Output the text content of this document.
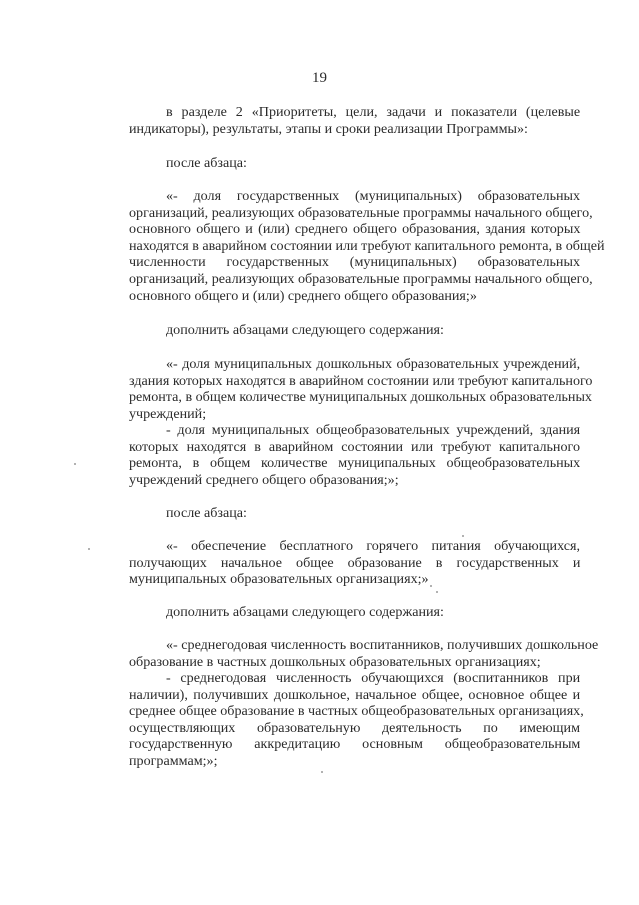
19
в разделе 2 «Приоритеты, цели, задачи и показатели (целевые
индикаторы), результаты, этапы и сроки реализации Программы»:
после абзаца:
«- доля государственных (муниципальных) образовательных
организаций, реализующих образовательные программы начального общего,
основного общего и (или) среднего общего образования, здания которых
находятся в аварийном состоянии или требуют капитального ремонта, в общей
численности государственных (муниципальных) образовательных
организаций, реализующих образовательные программы начального общего,
основного общего и (или) среднего общего образования;»
дополнить абзацами следующего содержания:
«- доля муниципальных дошкольных образовательных учреждений,
здания которых находятся в аварийном состоянии или требуют капитального
ремонта, в общем количестве муниципальных дошкольных образовательных
учреждений;
- доля муниципальных общеобразовательных учреждений, здания
которых находятся в аварийном состоянии или требуют капитального
ремонта, в общем количестве муниципальных общеобразовательных
учреждений среднего общего образования;»;
после абзаца:
«- обеспечение бесплатного горячего питания обучающихся,
получающих начальное общее образование в государственных и
муниципальных образовательных организациях;»
дополнить абзацами следующего содержания:
«- среднегодовая численность воспитанников, получивших дошкольное
образование в частных дошкольных образовательных организациях;
- среднегодовая численность обучающихся (воспитанников при
наличии), получивших дошкольное, начальное общее, основное общее и
среднее общее образование в частных общеобразовательных организациях,
осуществляющих образовательную деятельность по имеющим
государственную аккредитацию основным общеобразовательным
программам;»;
